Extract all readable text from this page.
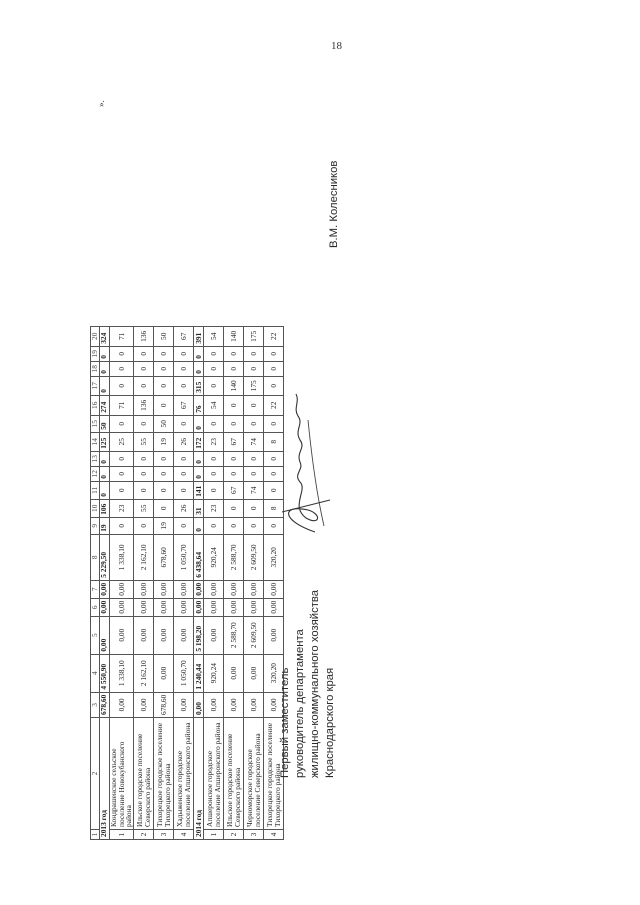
18
1	2	3	4	5	6	7	8	9	10	11	12	13	14	15	16	17	18	19	20
2013 год		678,60	4 550,90	0,00	0,00	0,00	5 229,50	19	106	0	0	0	125	50	274	0	0	0	324
1	Кондрашенское сельское поселение Новокубанского района	0,00	1 338,10	0,00	0,00	0,00	1 338,10	0	23	0	0	0	25	0	71	0	0	0	71
2	Ильское городское поселение Северского района	0,00	2 162,10	0,00	0,00	0,00	2 162,10	0	55	0	0	0	55	0	136	0	0	0	136
3	Тихорецкое городское поселение Тихорецкого района	678,60	0,00	0,00	0,00	0,00	678,60	19	0	0	0	0	19	50	0	0	0	0	50
4	Хадыженское городское поселение Апшеронского района	0,00	1 050,70	0,00	0,00	0,00	1 050,70	0	26	0	0	0	26	0	67	0	0	0	67
2014 год		0,00	1 240,44	5 198,20	0,00	0,00	6 438,64	0	31	141	0	0	172	0	76	315	0	0	391
1	Апшеронское городское поселение Апшеронского района	0,00	920,24	0,00	0,00	0,00	920,24	0	23	0	0	0	23	0	54	0	0	0	54
2	Ильское городское поселение Северского района	0,00	0,00	2 588,70	0,00	0,00	2 588,70	0	0	67	0	0	67	0	0	140	0	0	140
3	Черноморское городское поселение Северского района	0,00	0,00	2 609,50	0,00	0,00	2 609,50	0	0	74	0	0	74	0	0	175	0	0	175
4	Тихорецкое городское поселение Тихорецкого района	0,00	320,20	0,00	0,00	0,00	320,20	0	8	0	0	0	8	0	22	0	0	0	22
».
Первый заместитель руководитель департамента жилищно-коммунального хозяйства Краснодарского края
В.М. Колесников
